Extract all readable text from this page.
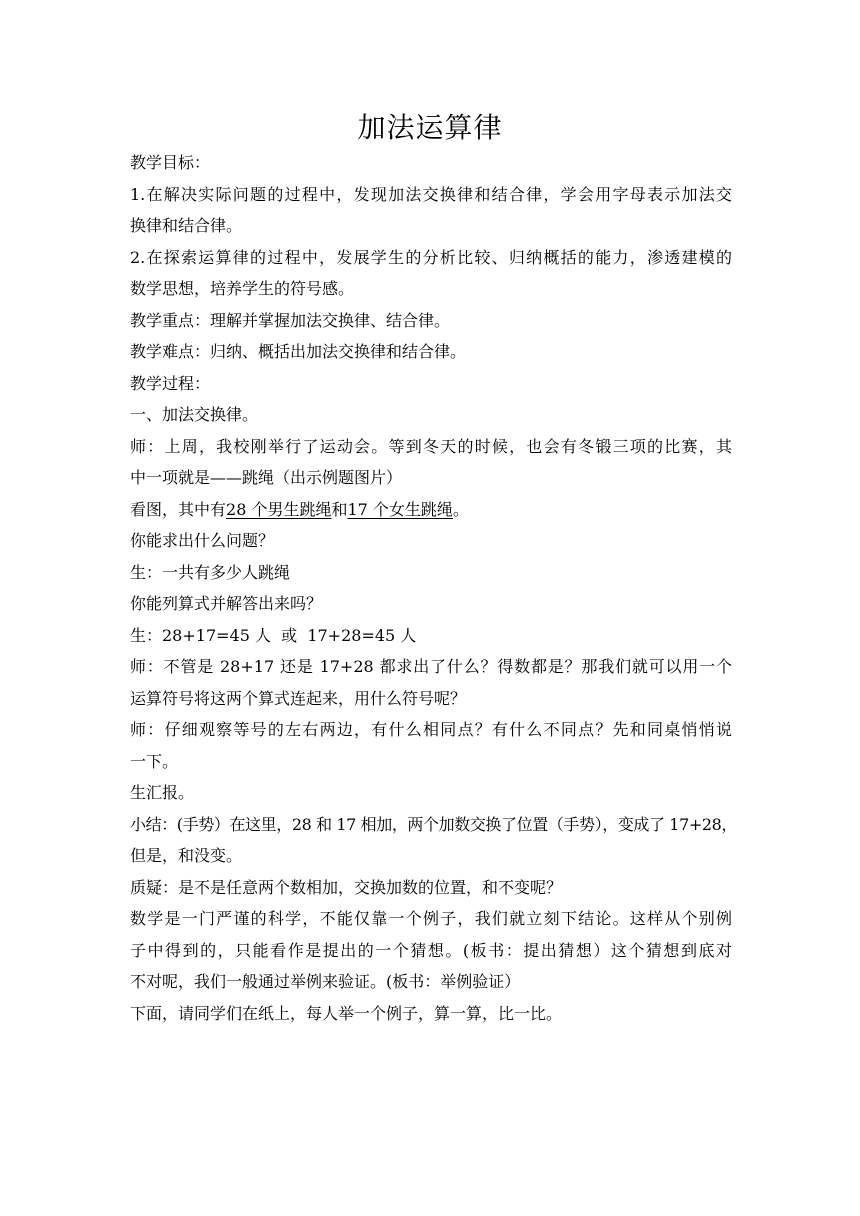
加法运算律
教学目标：
1.在解决实际问题的过程中，发现加法交换律和结合律，学会用字母表示加法交
换律和结合律。
2.在探索运算律的过程中，发展学生的分析比较、归纳概括的能力，渗透建模的
数学思想，培养学生的符号感。
教学重点：理解并掌握加法交换律、结合律。
教学难点：归纳、概括出加法交换律和结合律。
教学过程：
一、加法交换律。
师：上周，我校刚举行了运动会。等到冬天的时候，也会有冬锻三项的比赛，其
中一项就是——跳绳（出示例题图片）
看图，其中有28 个男生跳绳和17 个女生跳绳。
你能求出什么问题？
生：一共有多少人跳绳
你能列算式并解答出来吗？
生：28+17=45 人  或  17+28=45 人
师：不管是 28+17 还是 17+28 都求出了什么？得数都是？那我们就可以用一个
运算符号将这两个算式连起来，用什么符号呢？
师：仔细观察等号的左右两边，有什么相同点？有什么不同点？先和同桌悄悄说
一下。
生汇报。
小结：(手势）在这里，28 和 17 相加，两个加数交换了位置（手势），变成了 17+28，
但是，和没变。
质疑：是不是任意两个数相加，交换加数的位置，和不变呢？
数学是一门严谨的科学，不能仅靠一个例子，我们就立刻下结论。这样从个别例
子中得到的，只能看作是提出的一个猜想。(板书：提出猜想）这个猜想到底对
不对呢，我们一般通过举例来验证。(板书：举例验证）
下面，请同学们在纸上，每人举一个例子，算一算，比一比。
